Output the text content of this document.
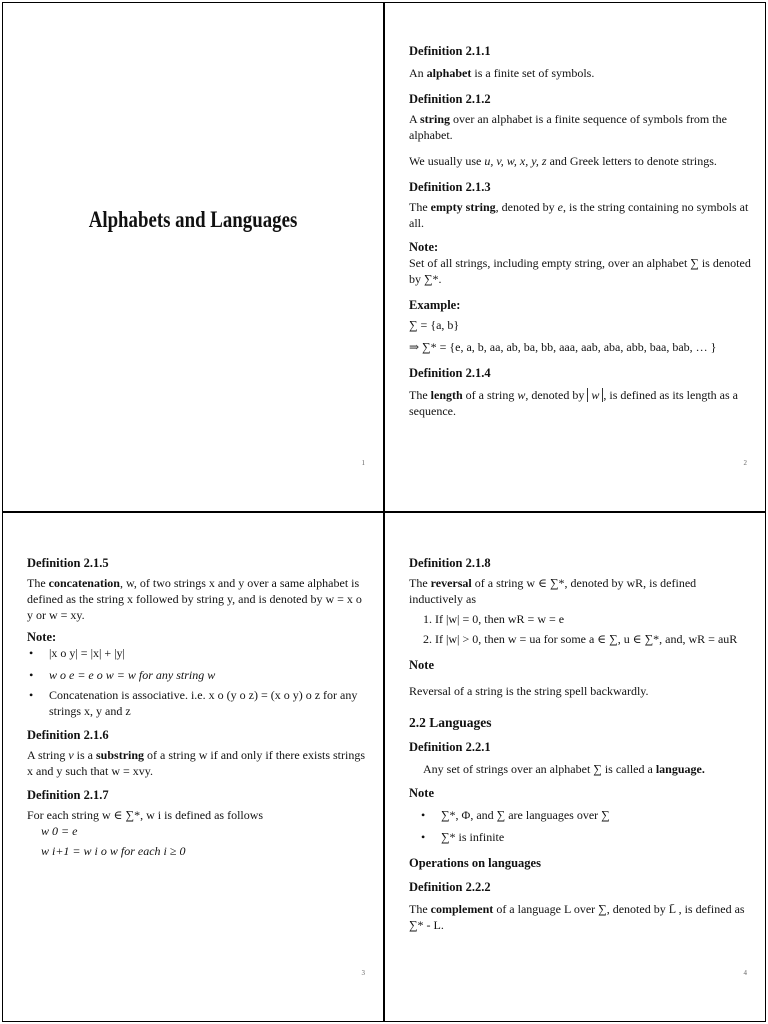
Alphabets and Languages
1

Definition 2.1.1

An alphabet is a finite set of symbols.

Definition 2.1.2

A string over an alphabet is a finite sequence of symbols from the alphabet.

We usually use u, v, w, x, y, z and Greek letters to denote strings.

Definition 2.1.3

The empty string, denoted by e, is the string containing no symbols at all.

Note:

Set of all strings, including empty string, over an alphabet ∑ is denoted by ∑*.

Example:

∑ = {a, b}

⇒ ∑* = {e, a, b, aa, ab, ba, bb, aaa, aab, aba, abb, baa, bab, … }

Definition 2.1.4

The length of a string w, denoted by w , is defined as its length as a sequence.

2

Definition 2.1.5

The concatenation, w, of two strings x and y over a same alphabet is defined as the string x followed by string y, and is denoted by w = x o y or w = xy.

Note:

• |x o y| = |x| + |y|

• w o e = e o w = w for any string w

• Concatenation is associative. i.e. x o (y o z) = (x o y) o z for any strings x, y and z

Definition 2.1.6

A string v is a substring of a string w if and only if there exists strings x and y such that w = xvy.

Definition 2.1.7

For each string w ∈ ∑*, w i is defined as follows

w 0 = e

w i+1 = w i o w for each i ≥ 0

3

Definition 2.1.8

The reversal of a string w ∈ ∑*, denoted by wR, is defined inductively as

1. If |w| = 0, then wR = w = e

2. If |w| > 0, then w = ua for some a ∈ ∑, u ∈ ∑*, and, wR = auR

Note

Reversal of a string is the string spell backwardly.

2.2 Languages

Definition 2.2.1

Any set of strings over an alphabet ∑ is called a language.

Note

• ∑*, Φ, and ∑ are languages over ∑

• ∑* is infinite

Operations on languages

Definition 2.2.2

The complement of a language L over ∑, denoted by L̄ , is defined as ∑* - L.

4
